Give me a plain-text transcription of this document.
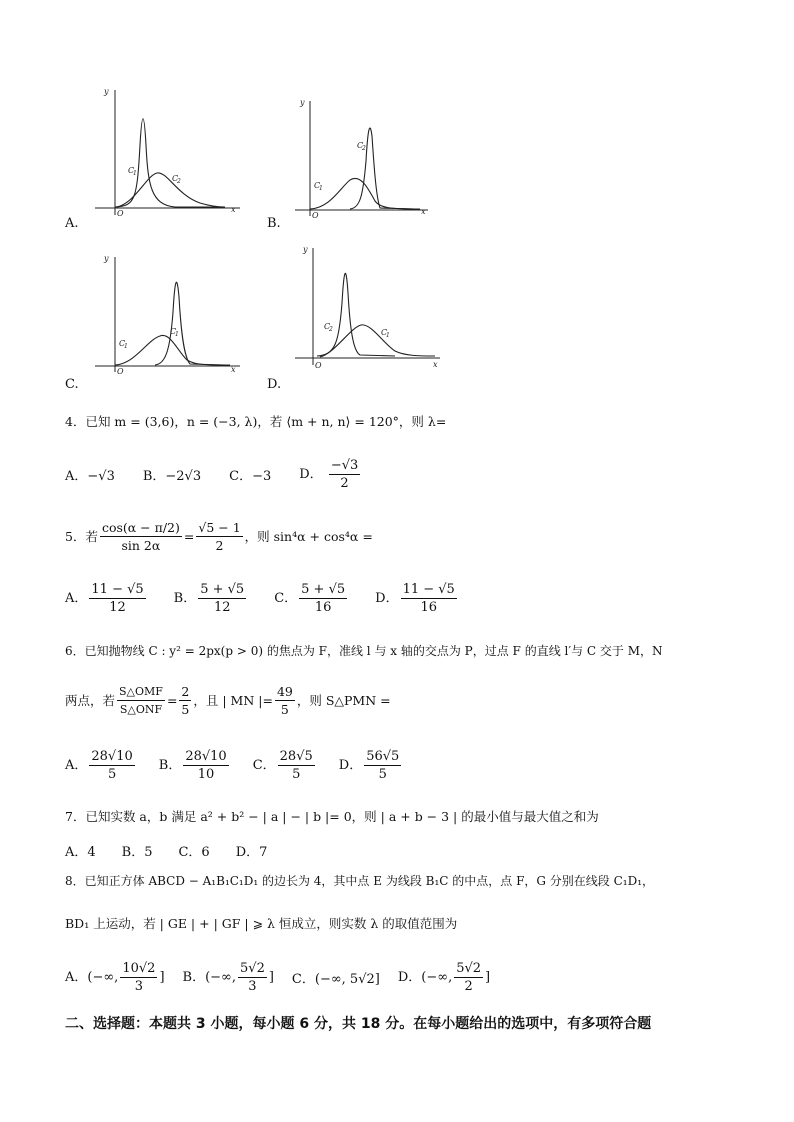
y
x
O
C
1
C
2
A.
y
x
O
C
1
C
2
B.
y
x
O
C
1
C
1
C.
y
x
O
C
2	C
1
D.
4．已知 m = (3,6)，n = (−3, λ)，若 ⟨m + n, n⟩ = 120°，则 λ=
A．−√3 B．−2√3 C．−3 D． $\frac{-√3}{2}$
5．若 $\frac{\cos(\alpha - \pi/2)}{\sin 2\alpha} = \frac{√5 - 1}{2}$ ，则 sin⁴α + cos⁴α =
A． $\frac{11 - √5}{12}$ B． $\frac{5 + √5}{12}$ C． $\frac{5 + √5}{16}$ D． $\frac{11 - √5}{16}$
6．已知抛物线 C : y² = 2px(p > 0) 的焦点为 F，准线 l 与 x 轴的交点为 P，过点 F 的直线 l′与 C 交于 M，N
两点，若 $\frac{\text{S△OMF}}{\text{S△ONF}} = \frac{2}{5}$ ，且 | MN |= $\frac{49}{5}$ ，则 S△PMN =
A． $\frac{28√10}{5}$ B． $\frac{28√10}{10}$ C． $\frac{28√5}{5}$ D． $\frac{56√5}{5}$
7．已知实数 a，b 满足 a² + b² − | a | − | b |= 0，则 | a + b − 3 | 的最小值与最大值之和为
A．4　　B．5　　C．6　　D．7
8．已知正方体 ABCD − A₁B₁C₁D₁ 的边长为 4，其中点 E 为线段 B₁C 的中点，点 F，G 分别在线段 C₁D₁，
BD₁ 上运动，若 | GE | + | GF | ⩾ λ 恒成立，则实数 λ 的取值范围为
A．(−∞, $\frac{10√2}{3}$ ] B．(−∞, $\frac{5√2}{3}$ ] C．(−∞, 5√2] D．(−∞, $\frac{5√2}{2}$ ]
二、选择题：本题共 3 小题，每小题 6 分，共 18 分。在每小题给出的选项中，有多项符合题
